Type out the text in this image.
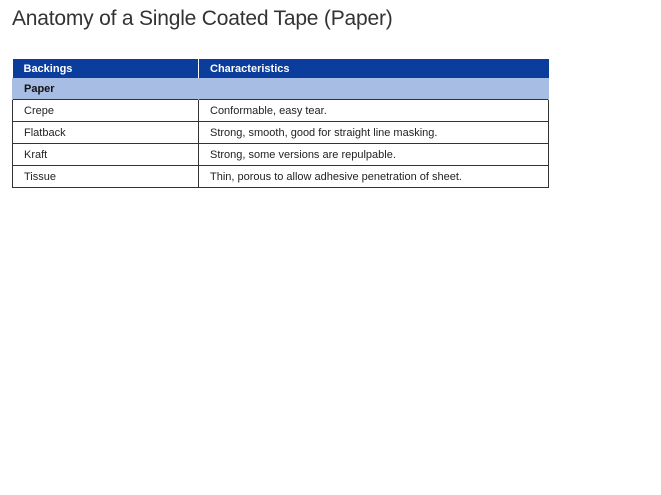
Anatomy of a Single Coated Tape (Paper)
Backings	Characteristics
Paper	
Crepe	Conformable, easy tear.
Flatback	Strong, smooth, good for straight line masking.
Kraft	Strong, some versions are repulpable.
Tissue	Thin, porous to allow adhesive penetration of sheet.
